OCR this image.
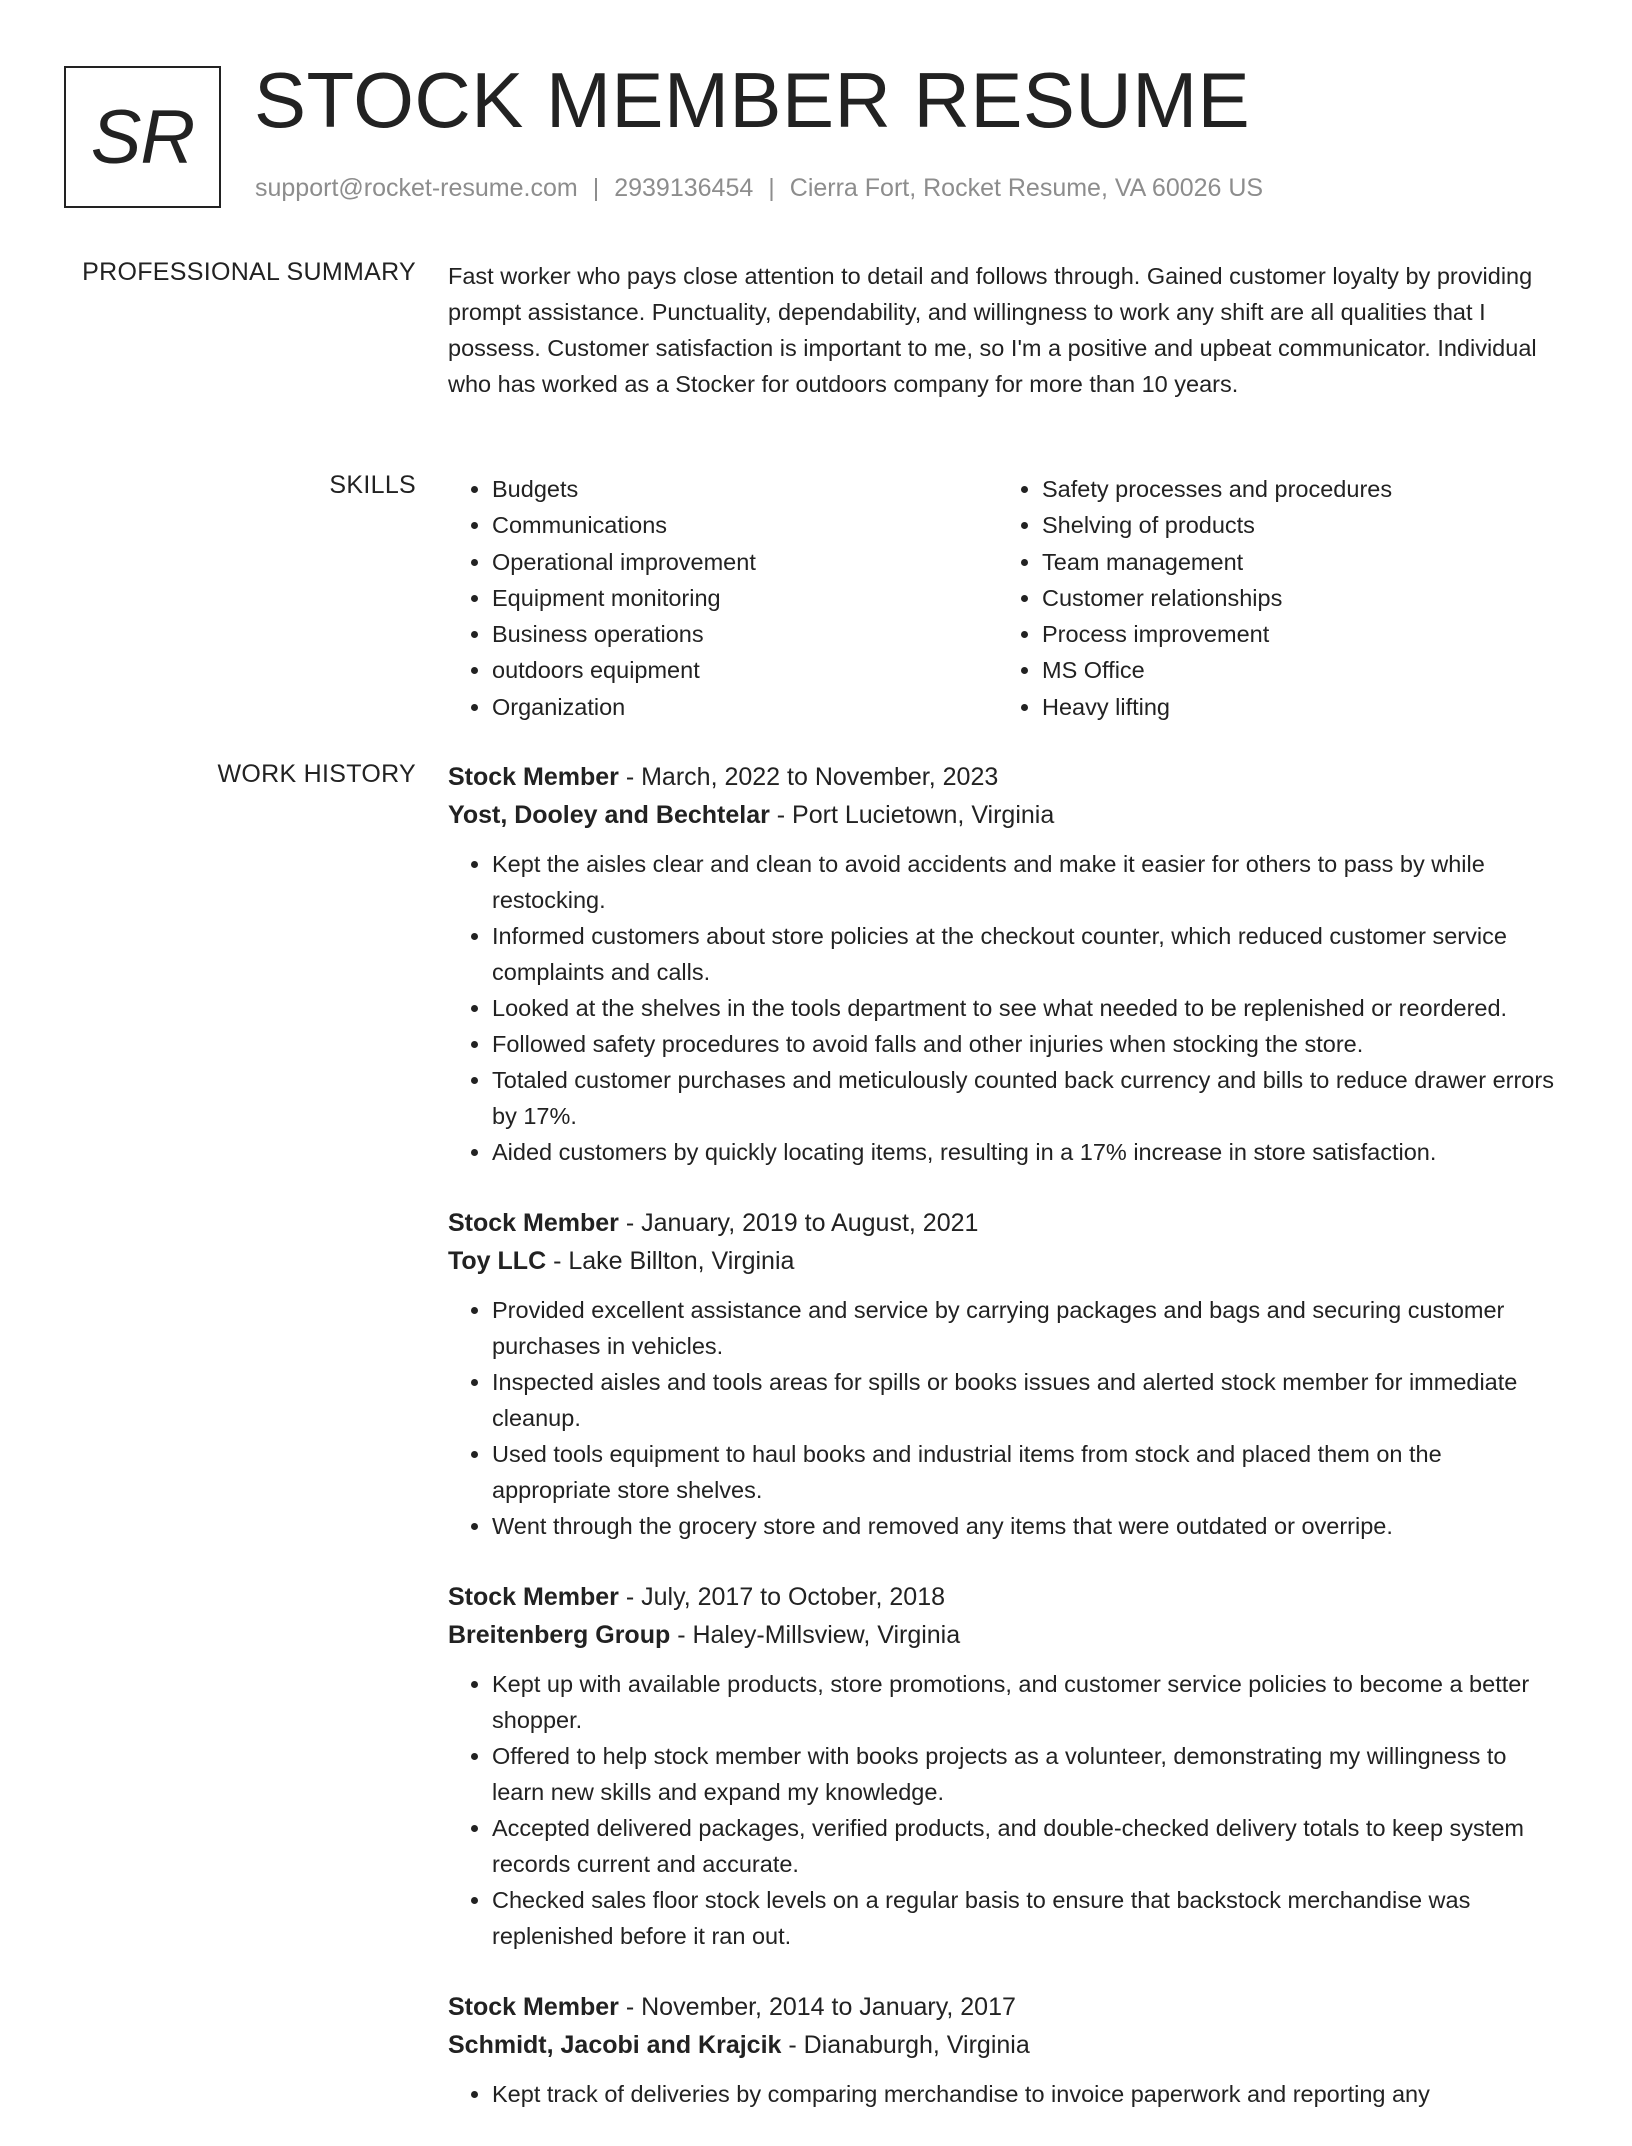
SR STOCK MEMBER RESUME
support@rocket-resume.com | 2939136454 | Cierra Fort, Rocket Resume, VA 60026 US
PROFESSIONAL SUMMARY Fast worker who pays close attention to detail and follows through. Gained customer loyalty by providing prompt assistance. Punctuality, dependability, and willingness to work any shift are all qualities that I possess. Customer satisfaction is important to me, so I'm a positive and upbeat communicator. Individual who has worked as a Stocker for outdoors company for more than 10 years.

SKILLS
•	Budgets
• Communications
• Operational improvement
• Equipment monitoring
• Business operations
• outdoors equipment
• Organization
• Safety processes and procedures
• Shelving of products
• Team management
• Customer relationships
• Process improvement
• MS Office
• Heavy lifting
WORK HISTORY Stock Member - March, 2022 to November, 2023
Yost, Dooley and Bechtelar - Port Lucietown, Virginia
• Kept the aisles clear and clean to avoid accidents and make it easier for others to pass by while restocking.
• Informed customers about store policies at the checkout counter, which reduced customer service complaints and calls.
• Looked at the shelves in the tools department to see what needed to be replenished or reordered.
• Followed safety procedures to avoid falls and other injuries when stocking the store.
• Totaled customer purchases and meticulously counted back currency and bills to reduce drawer errors by 17%.
• Aided customers by quickly locating items, resulting in a 17% increase in store satisfaction.
Stock Member - January, 2019 to August, 2021
Toy LLC - Lake Billton, Virginia
• Provided excellent assistance and service by carrying packages and bags and securing customer purchases in vehicles.
• Inspected aisles and tools areas for spills or books issues and alerted stock member for immediate cleanup.
• Used tools equipment to haul books and industrial items from stock and placed them on the appropriate store shelves.
• Went through the grocery store and removed any items that were outdated or overripe.
Stock Member - July, 2017 to October, 2018
Breitenberg Group - Haley-Millsview, Virginia
• Kept up with available products, store promotions, and customer service policies to become a better shopper.
• Offered to help stock member with books projects as a volunteer, demonstrating my willingness to learn new skills and expand my knowledge.
• Accepted delivered packages, verified products, and double-checked delivery totals to keep system records current and accurate.
• Checked sales floor stock levels on a regular basis to ensure that backstock merchandise was replenished before it ran out.
Stock Member - November, 2014 to January, 2017
Schmidt, Jacobi and Krajcik - Dianaburgh, Virginia
• Kept track of deliveries by comparing merchandise to invoice paperwork and reporting any
